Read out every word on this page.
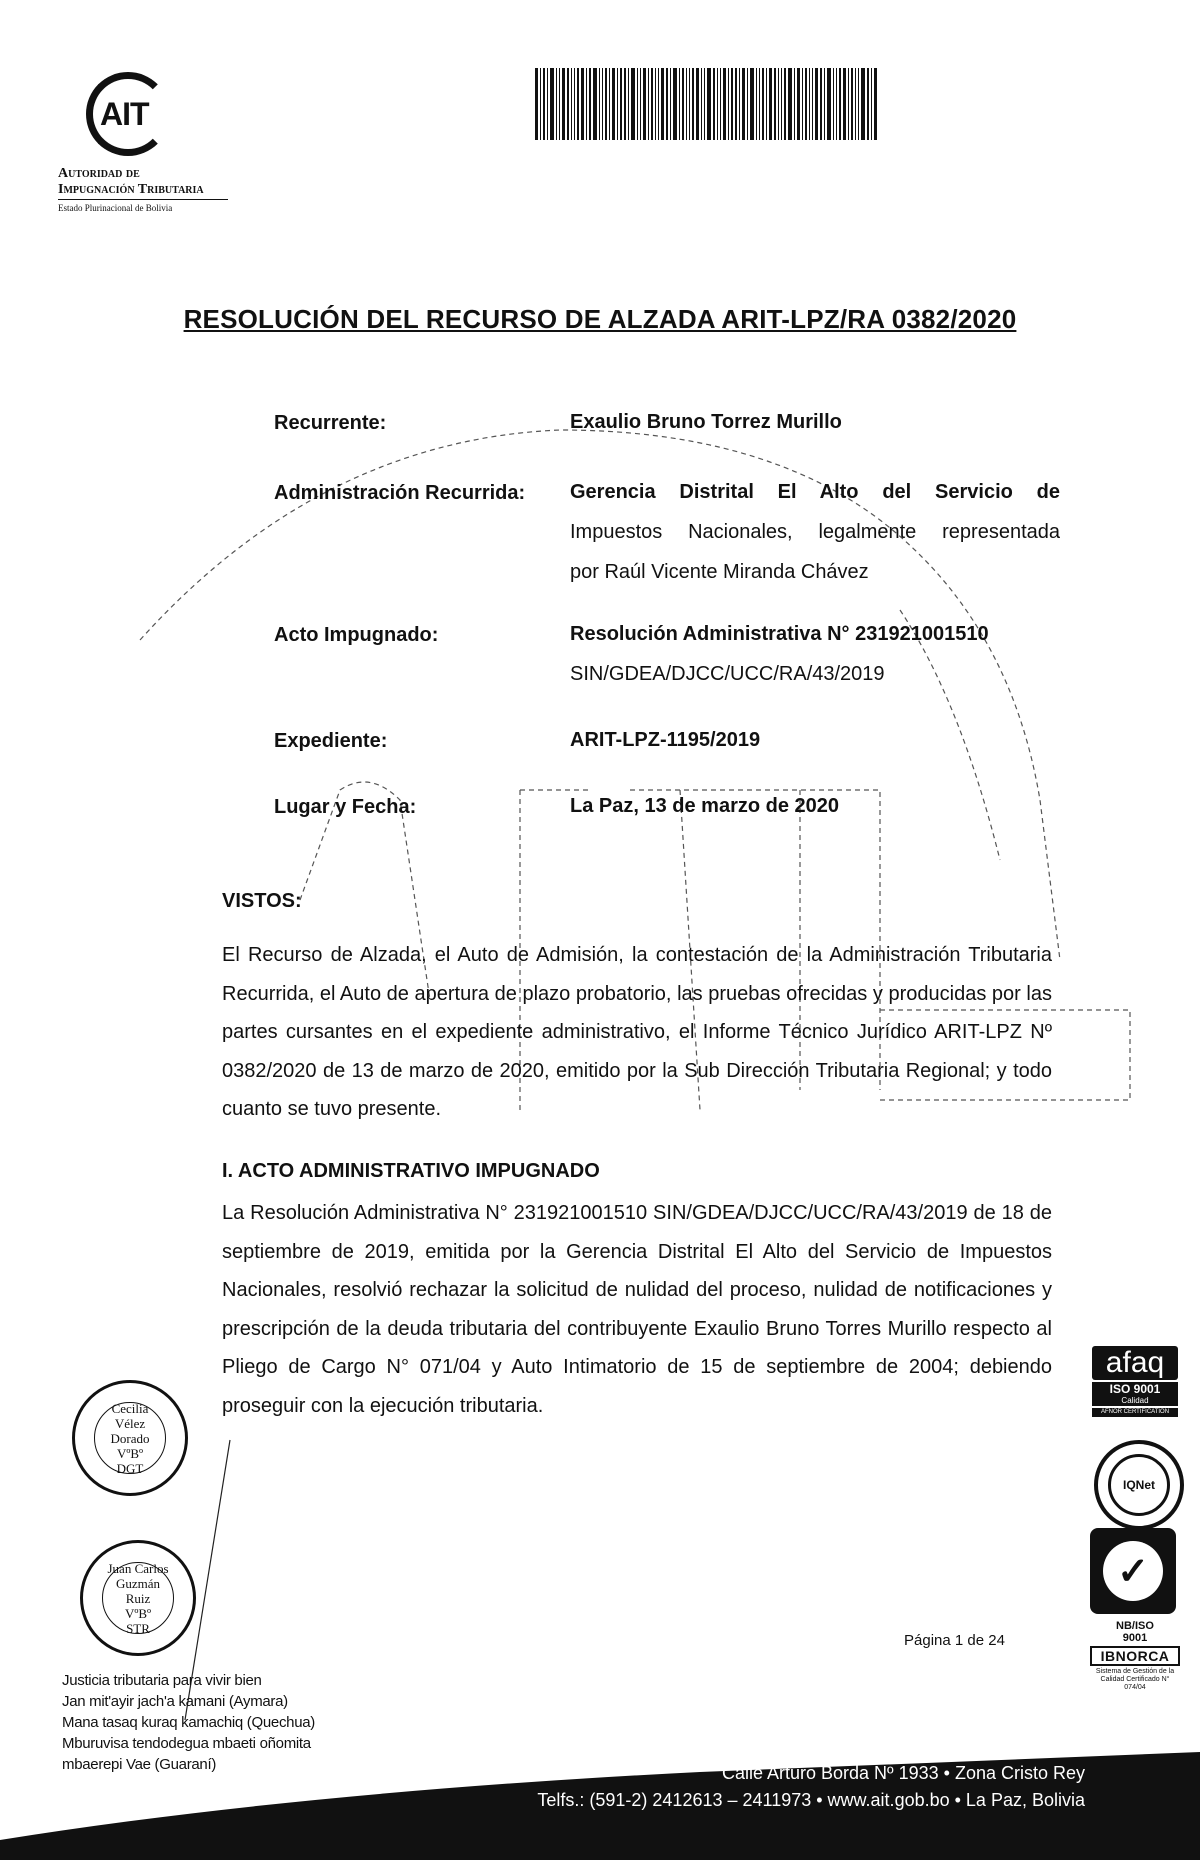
AIT
Autoridad de
Impugnación Tributaria
Estado Plurinacional de Bolivia
RESOLUCIÓN DEL RECURSO DE ALZADA ARIT-LPZ/RA 0382/2020
Recurrente:	Exaulio Bruno Torrez Murillo
Administración Recurrida:	Gerencia Distrital El Alto del Servicio de
Impuestos Nacionales, legalmente representada
por Raúl Vicente Miranda Chávez
Acto Impugnado:	Resolución Administrativa N° 231921001510
SIN/GDEA/DJCC/UCC/RA/43/2019
Expediente:	ARIT-LPZ-1195/2019
Lugar y Fecha:	La Paz, 13 de marzo de 2020
VISTOS:
El Recurso de Alzada, el Auto de Admisión, la contestación de la Administración Tributaria Recurrida, el Auto de apertura de plazo probatorio, las pruebas ofrecidas y producidas por las partes cursantes en el expediente administrativo, el Informe Técnico Jurídico ARIT-LPZ Nº 0382/2020 de 13 de marzo de 2020, emitido por la Sub Dirección Tributaria Regional; y todo cuanto se tuvo presente.
I. ACTO ADMINISTRATIVO IMPUGNADO
La Resolución Administrativa N° 231921001510 SIN/GDEA/DJCC/UCC/RA/43/2019 de 18 de septiembre de 2019, emitida por la Gerencia Distrital El Alto del Servicio de Impuestos Nacionales, resolvió rechazar la solicitud de nulidad del proceso, nulidad de notificaciones y prescripción de la deuda tributaria del contribuyente Exaulio Bruno Torres Murillo respecto al Pliego de Cargo N° 071/04 y Auto Intimatorio de 15 de septiembre de 2004; debiendo proseguir con la ejecución tributaria.
Cecilia
Vélez Dorado
VºBº
DGT
Juan Carlos
Guzmán Ruiz
VºBº
STR
afaq
ISO 9001
Calidad
AFNOR CERTIFICATION
IQNet
✓
NB/ISO
9001
IBNORCA
Sistema de Gestión de la Calidad Certificado N° 074/04
Página 1 de 24
Justicia tributaria para vivir bien
Jan mit'ayir jach'a kamani (Aymara)
Mana tasaq kuraq kamachiq (Quechua)
Mburuvisa tendodegua mbaeti oñomita
mbaerepi Vae (Guaraní)	Calle Arturo Borda Nº 1933 • Zona Cristo Rey
Telfs.: (591-2) 2412613 – 2411973 • www.ait.gob.bo • La Paz, Bolivia
